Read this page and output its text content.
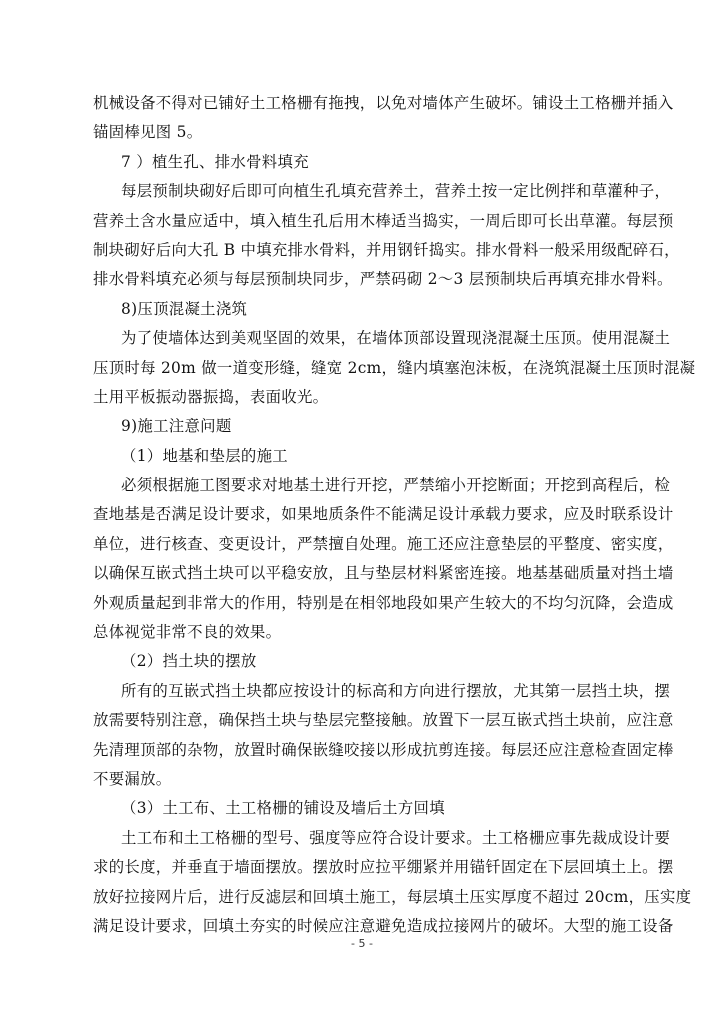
机械设备不得对已铺好土工格栅有拖拽，以免对墙体产生破坏。铺设土工格栅并插入
锚固棒见图 5。
7 ）植生孔、排水骨料填充
每层预制块砌好后即可向植生孔填充营养土，营养土按一定比例拌和草灌种子，
营养土含水量应适中，填入植生孔后用木棒适当捣实，一周后即可长出草灌。每层预
制块砌好后向大孔 B 中填充排水骨料，并用钢钎捣实。排水骨料一般采用级配碎石，
排水骨料填充必须与每层预制块同步，严禁码砌 2～3 层预制块后再填充排水骨料。
8)压顶混凝土浇筑
为了使墙体达到美观坚固的效果，在墙体顶部设置现浇混凝土压顶。使用混凝土
压顶时每 20m 做一道变形缝，缝宽 2cm，缝内填塞泡沫板，在浇筑混凝土压顶时混凝
土用平板振动器振捣，表面收光。
9)施工注意问题
（1）地基和垫层的施工
必须根据施工图要求对地基土进行开挖，严禁缩小开挖断面；开挖到高程后，检
查地基是否满足设计要求，如果地质条件不能满足设计承载力要求，应及时联系设计
单位，进行核查、变更设计，严禁擅自处理。施工还应注意垫层的平整度、密实度，
以确保互嵌式挡土块可以平稳安放，且与垫层材料紧密连接。地基基础质量对挡土墙
外观质量起到非常大的作用，特别是在相邻地段如果产生较大的不均匀沉降，会造成
总体视觉非常不良的效果。
（2）挡土块的摆放
所有的互嵌式挡土块都应按设计的标高和方向进行摆放，尤其第一层挡土块，摆
放需要特别注意，确保挡土块与垫层完整接触。放置下一层互嵌式挡土块前，应注意
先清理顶部的杂物，放置时确保嵌缝咬接以形成抗剪连接。每层还应注意检查固定棒
不要漏放。
（3）土工布、土工格栅的铺设及墙后土方回填
土工布和土工格栅的型号、强度等应符合设计要求。土工格栅应事先裁成设计要
求的长度，并垂直于墙面摆放。摆放时应拉平绷紧并用锚钎固定在下层回填土上。摆
放好拉接网片后，进行反滤层和回填土施工，每层填土压实厚度不超过 20cm，压实度
满足设计要求，回填土夯实的时候应注意避免造成拉接网片的破坏。大型的施工设备
- 5 -
